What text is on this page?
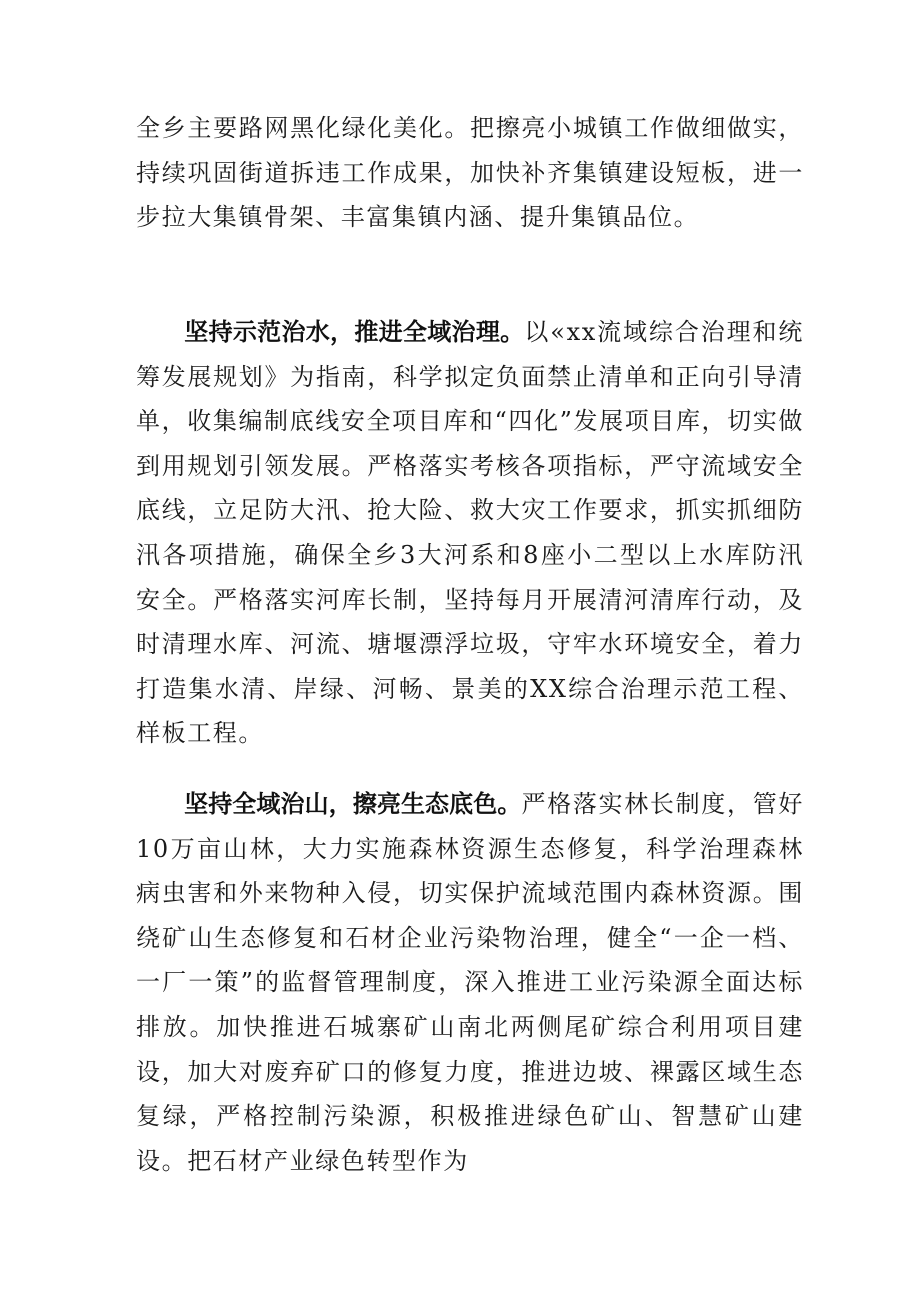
全乡主要路网黑化绿化美化。把擦亮小城镇工作做细做实，持续巩固街道拆违工作成果，加快补齐集镇建设短板，进一步拉大集镇骨架、丰富集镇内涵、提升集镇品位。

坚持示范治水，推进全域治理。以«xx流域综合治理和统筹发展规划》为指南，科学拟定负面禁止清单和正向引导清单，收集编制底线安全项目库和“四化”发展项目库，切实做到用规划引领发展。严格落实考核各项指标，严守流域安全底线，立足防大汛、抢大险、救大灾工作要求，抓实抓细防汛各项措施，确保全乡3大河系和8座小二型以上水库防汛安全。严格落实河库长制，坚持每月开展清河清库行动，及时清理水库、河流、塘堰漂浮垃圾，守牢水环境安全，着力打造集水清、岸绿、河畅、景美的XX综合治理示范工程、样板工程。

坚持全域治山，擦亮生态底色。严格落实林长制度，管好10万亩山林，大力实施森林资源生态修复，科学治理森林病虫害和外来物种入侵，切实保护流域范围内森林资源。围绕矿山生态修复和石材企业污染物治理，健全“一企一档、一厂一策”的监督管理制度，深入推进工业污染源全面达标排放。加快推进石城寨矿山南北两侧尾矿综合利用项目建设，加大对废弃矿口的修复力度，推进边坡、裸露区域生态复绿，严格控制污染源，积极推进绿色矿山、智慧矿山建设。把石材产业绿色转型作为
